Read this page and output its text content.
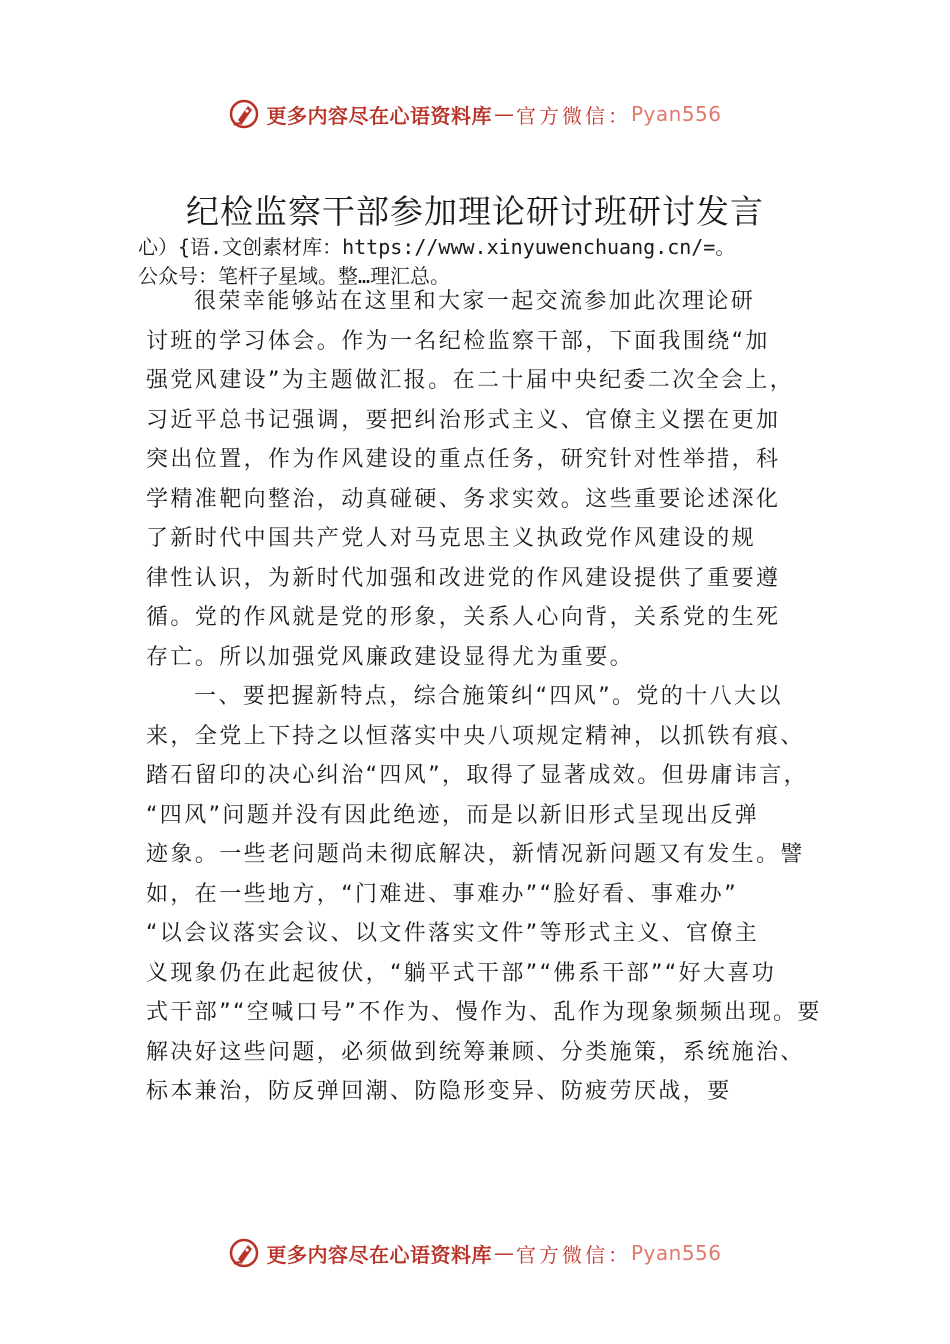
更多内容尽在心语资料库 — 官方微信： Pyan556
纪检监察干部参加理论研讨班研讨发言
心）{语.文创素材库：https://www.xinyuwenchuang.cn/=。
公众号：笔杆子星域。整…理汇总。

很荣幸能够站在这里和大家一起交流参加此次理论研
讨班的学习体会。作为一名纪检监察干部，下面我围绕“加
强党风建设”为主题做汇报。在二十届中央纪委二次全会上，
习近平总书记强调，要把纠治形式主义、官僚主义摆在更加
突出位置，作为作风建设的重点任务，研究针对性举措，科
学精准靶向整治，动真碰硬、务求实效。这些重要论述深化
了新时代中国共产党人对马克思主义执政党作风建设的规
律性认识，为新时代加强和改进党的作风建设提供了重要遵
循。党的作风就是党的形象，关系人心向背，关系党的生死
存亡。所以加强党风廉政建设显得尤为重要。

一、要把握新特点，综合施策纠“四风”。党的十八大以
来，全党上下持之以恒落实中央八项规定精神，以抓铁有痕、
踏石留印的决心纠治“四风”，取得了显著成效。但毋庸讳言，
“四风”问题并没有因此绝迹，而是以新旧形式呈现出反弹
迹象。一些老问题尚未彻底解决，新情况新问题又有发生。譬
如，在一些地方，“门难进、事难办”“脸好看、事难办”
“以会议落实会议、以文件落实文件”等形式主义、官僚主
义现象仍在此起彼伏，“躺平式干部”“佛系干部”“好大喜功
式干部”“空喊口号”不作为、慢作为、乱作为现象频频出现。要
解决好这些问题，必须做到统筹兼顾、分类施策，系统施治、
标本兼治，防反弹回潮、防隐形变异、防疲劳厌战，要

更多内容尽在心语资料库 — 官方微信： Pyan556
